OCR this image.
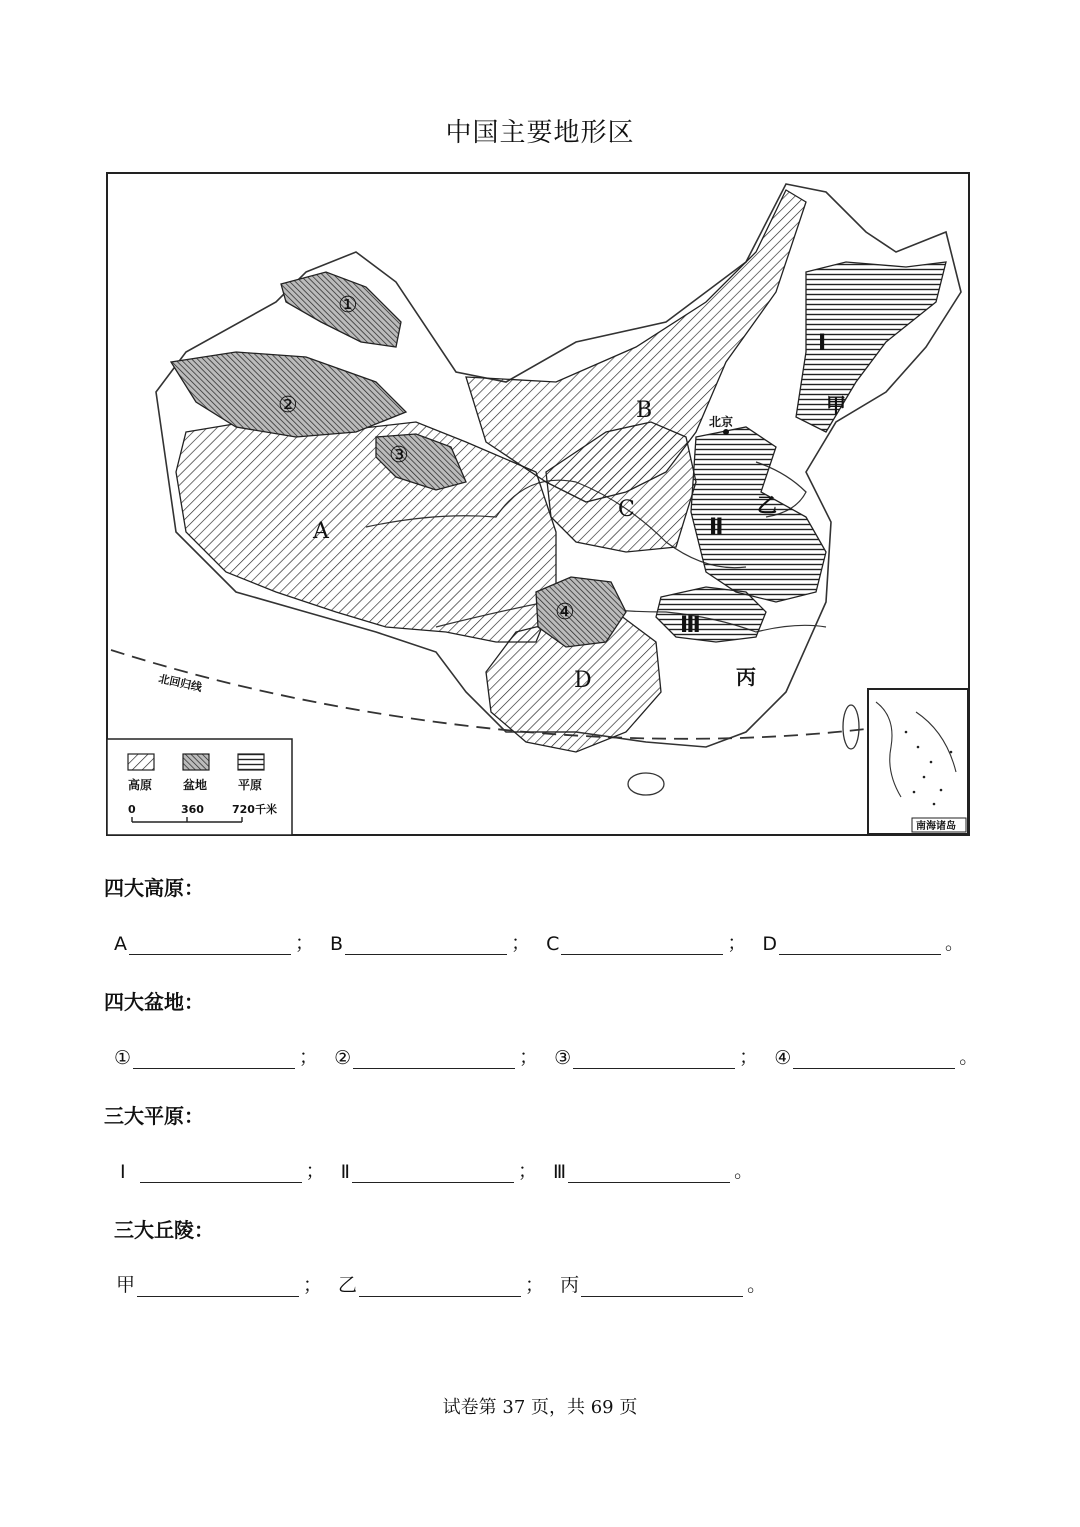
中国主要地形区
北回归线
北京
A
B
C
D
①
②
③
④
Ⅰ
Ⅱ
Ⅲ
甲
乙
丙
高原	盆地	平原
0	360	720千米
南海诸岛
四大高原：
A	； B	； C	； D	。
四大盆地：
①	； ②	； ③	； ④	。
三大平原：
Ⅰ	； Ⅱ	； Ⅲ	。
三大丘陵：
甲	； 乙	； 丙	。
试卷第 37 页，共 69 页
